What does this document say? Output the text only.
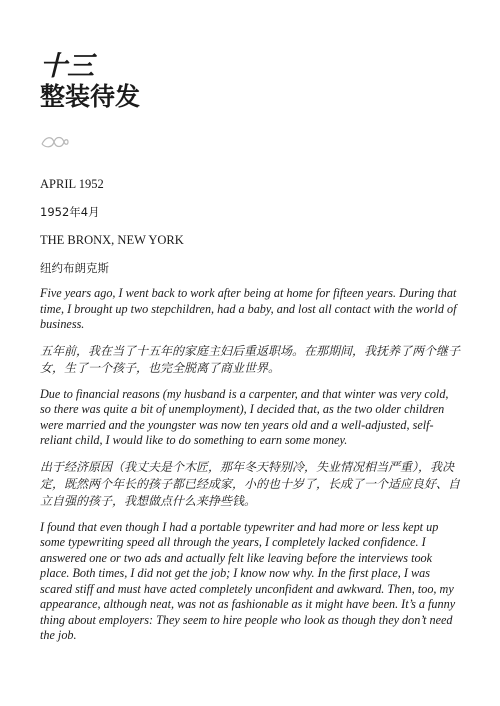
十三
整装待发

APRIL 1952

1952年4月

THE BRONX, NEW YORK

纽约布朗克斯

Five years ago, I went back to work after being at home for fifteen years. During that time, I brought up two stepchildren, had a baby, and lost all contact with the world of business.

五年前，我在当了十五年的家庭主妇后重返职场。在那期间，我抚养了两个继子女，生了一个孩子，也完全脱离了商业世界。

Due to financial reasons (my husband is a carpenter, and that winter was very cold, so there was quite a bit of unemployment), I decided that, as the two older children were married and the youngster was now ten years old and a well-adjusted, self-reliant child, I would like to do something to earn some money.

出于经济原因（我丈夫是个木匠，那年冬天特别冷，失业情况相当严重），我决定，既然两个年长的孩子都已经成家，小的也十岁了，长成了一个适应良好、自立自强的孩子，我想做点什么来挣些钱。

I found that even though I had a portable typewriter and had more or less kept up some typewriting speed all through the years, I completely lacked confidence. I answered one or two ads and actually felt like leaving before the interviews took place. Both times, I did not get the job; I know now why. In the first place, I was scared stiff and must have acted completely unconfident and awkward. Then, too, my appearance, although neat, was not as fashionable as it might have been. It’s a funny thing about employers: They seem to hire people who look as though they don’t need the job.
